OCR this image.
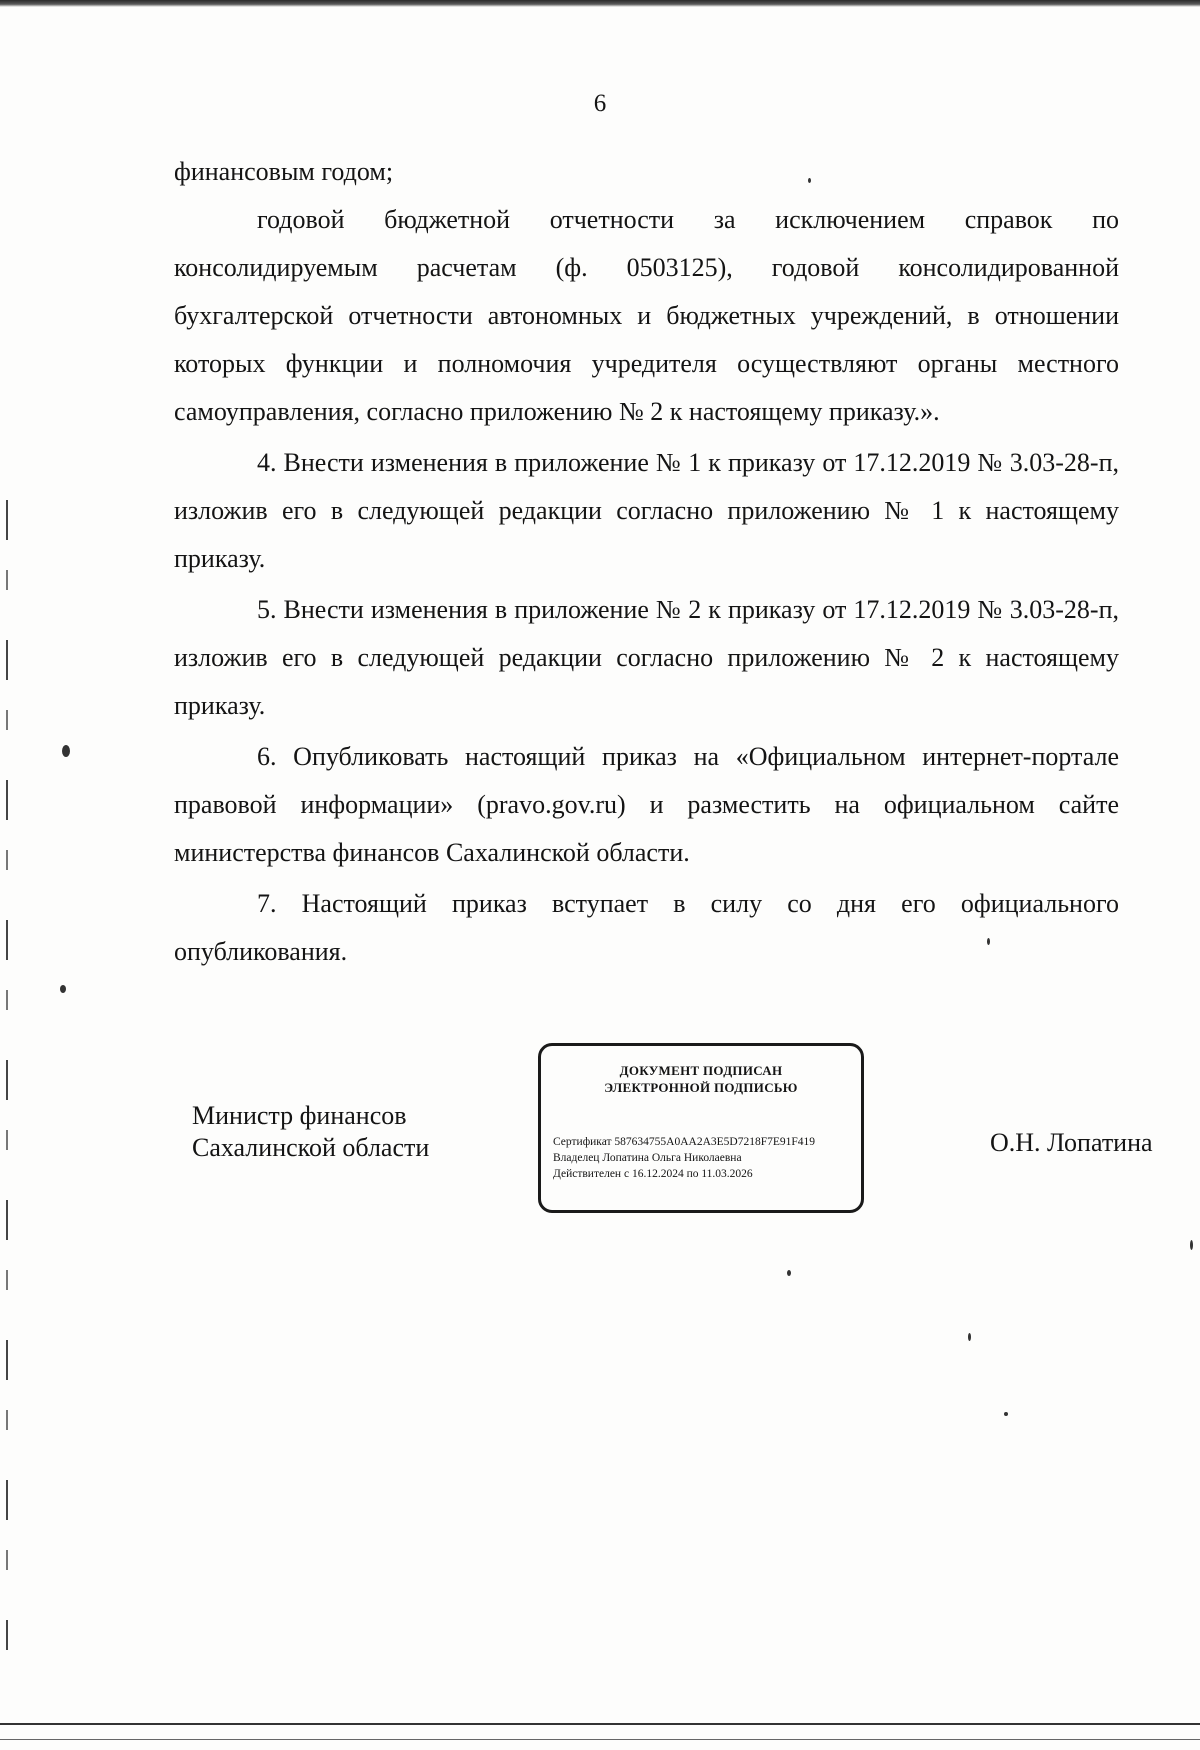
6

финансовым годом;

годовой бюджетной отчетности за исключением справок по консолидируемым расчетам (ф. 0503125), годовой консолидированной бухгалтерской отчетности автономных и бюджетных учреждений, в отношении которых функции и полномочия учредителя осуществляют органы местного самоуправления, согласно приложению № 2 к настоящему приказу.».

4. Внести изменения в приложение № 1 к приказу от 17.12.2019 № 3.03-28-п, изложив его в следующей редакции согласно приложению № 1 к настоящему приказу.

5. Внести изменения в приложение № 2 к приказу от 17.12.2019 № 3.03-28-п, изложив его в следующей редакции согласно приложению № 2 к настоящему приказу.

6. Опубликовать настоящий приказ на «Официальном интернет-портале правовой информации» (pravo.gov.ru) и разместить на официальном сайте министерства финансов Сахалинской области.

7. Настоящий приказ вступает в силу со дня его официального опубликования.

Министр финансов
Сахалинской области
ДОКУМЕНТ ПОДПИСАН
ЭЛЕКТРОННОЙ ПОДПИСЬЮ
Сертификат 587634755A0AA2A3E5D7218F7E91F419
Владелец Лопатина Ольга Николаевна
Действителен с 16.12.2024 по 11.03.2026
О.Н. Лопатина
